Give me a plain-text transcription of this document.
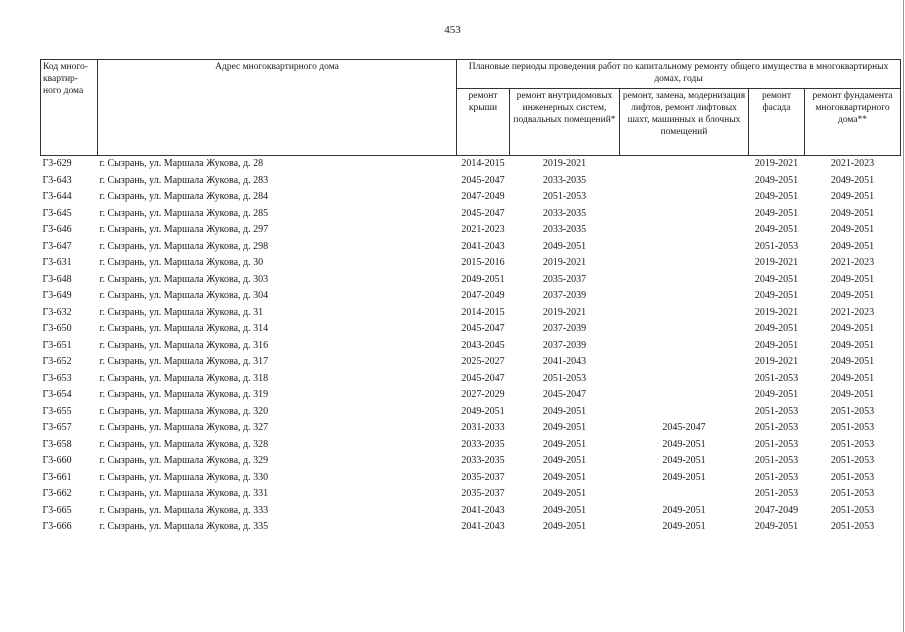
453
Код много-квартир-ного дома	Адрес многоквартирного дома	Плановые периоды проведения работ по капитальному ремонту общего имущества в многоквартирных домах, годы				
		ремонт крыши	ремонт внутридомовых инженерных систем, подвальных помещений*	ремонт, замена, модернизация лифтов, ремонт лифтовых шахт, машинных и блочных помещений	ремонт фасада	ремонт фундамента многоквартирного дома**
Г3-629	г. Сызрань, ул. Маршала Жукова, д. 28	2014-2015	2019-2021		2019-2021	2021-2023
Г3-643	г. Сызрань, ул. Маршала Жукова, д. 283	2045-2047	2033-2035		2049-2051	2049-2051
Г3-644	г. Сызрань, ул. Маршала Жукова, д. 284	2047-2049	2051-2053		2049-2051	2049-2051
Г3-645	г. Сызрань, ул. Маршала Жукова, д. 285	2045-2047	2033-2035		2049-2051	2049-2051
Г3-646	г. Сызрань, ул. Маршала Жукова, д. 297	2021-2023	2033-2035		2049-2051	2049-2051
Г3-647	г. Сызрань, ул. Маршала Жукова, д. 298	2041-2043	2049-2051		2051-2053	2049-2051
Г3-631	г. Сызрань, ул. Маршала Жукова, д. 30	2015-2016	2019-2021		2019-2021	2021-2023
Г3-648	г. Сызрань, ул. Маршала Жукова, д. 303	2049-2051	2035-2037		2049-2051	2049-2051
Г3-649	г. Сызрань, ул. Маршала Жукова, д. 304	2047-2049	2037-2039		2049-2051	2049-2051
Г3-632	г. Сызрань, ул. Маршала Жукова, д. 31	2014-2015	2019-2021		2019-2021	2021-2023
Г3-650	г. Сызрань, ул. Маршала Жукова, д. 314	2045-2047	2037-2039		2049-2051	2049-2051
Г3-651	г. Сызрань, ул. Маршала Жукова, д. 316	2043-2045	2037-2039		2049-2051	2049-2051
Г3-652	г. Сызрань, ул. Маршала Жукова, д. 317	2025-2027	2041-2043		2019-2021	2049-2051
Г3-653	г. Сызрань, ул. Маршала Жукова, д. 318	2045-2047	2051-2053		2051-2053	2049-2051
Г3-654	г. Сызрань, ул. Маршала Жукова, д. 319	2027-2029	2045-2047		2049-2051	2049-2051
Г3-655	г. Сызрань, ул. Маршала Жукова, д. 320	2049-2051	2049-2051		2051-2053	2051-2053
Г3-657	г. Сызрань, ул. Маршала Жукова, д. 327	2031-2033	2049-2051	2045-2047	2051-2053	2051-2053
Г3-658	г. Сызрань, ул. Маршала Жукова, д. 328	2033-2035	2049-2051	2049-2051	2051-2053	2051-2053
Г3-660	г. Сызрань, ул. Маршала Жукова, д. 329	2033-2035	2049-2051	2049-2051	2051-2053	2051-2053
Г3-661	г. Сызрань, ул. Маршала Жукова, д. 330	2035-2037	2049-2051	2049-2051	2051-2053	2051-2053
Г3-662	г. Сызрань, ул. Маршала Жукова, д. 331	2035-2037	2049-2051		2051-2053	2051-2053
Г3-665	г. Сызрань, ул. Маршала Жукова, д. 333	2041-2043	2049-2051	2049-2051	2047-2049	2051-2053
Г3-666	г. Сызрань, ул. Маршала Жукова, д. 335	2041-2043	2049-2051	2049-2051	2049-2051	2051-2053
